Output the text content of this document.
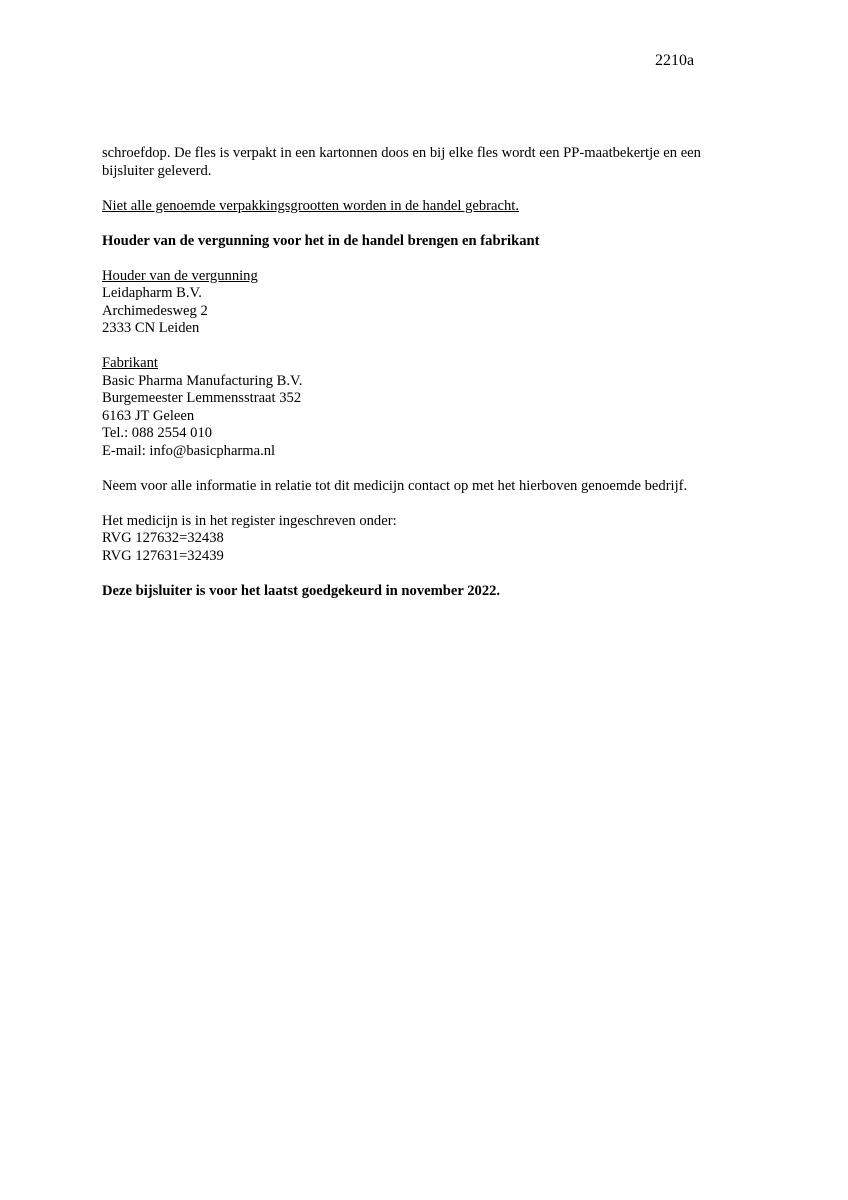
2210a
schroefdop. De fles is verpakt in een kartonnen doos en bij elke fles wordt een PP-maatbekertje en een
bijsluiter geleverd.
Niet alle genoemde verpakkingsgrootten worden in de handel gebracht.
Houder van de vergunning voor het in de handel brengen en fabrikant
Houder van de vergunning
Leidapharm B.V.
Archimedesweg 2
2333 CN Leiden
Fabrikant
Basic Pharma Manufacturing B.V.
Burgemeester Lemmensstraat 352
6163 JT Geleen
Tel.: 088 2554 010
E-mail: info@basicpharma.nl
Neem voor alle informatie in relatie tot dit medicijn contact op met het hierboven genoemde bedrijf.
Het medicijn is in het register ingeschreven onder:
RVG 127632=32438
RVG 127631=32439
Deze bijsluiter is voor het laatst goedgekeurd in november 2022.
